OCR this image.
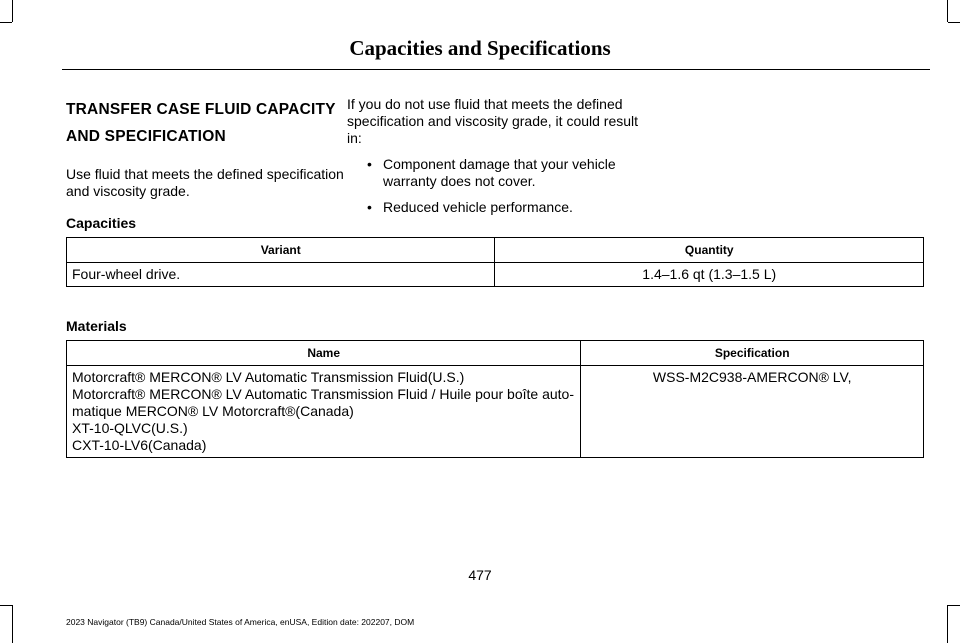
Capacities and Specifications
TRANSFER CASE FLUID CAPACITY
AND SPECIFICATION

Use fluid that meets the defined specification and viscosity grade.

If you do not use fluid that meets the defined specification and viscosity grade, it could result in:

• Component damage that your vehicle warranty does not cover.
• Reduced vehicle performance.
Capacities
Variant	Quantity
Four-wheel drive.	1.4–1.6 qt (1.3–1.5 L)
Materials
Name	Specification

Motorcraft® MERCON® LV Automatic Transmission Fluid(U.S.)
Motorcraft® MERCON® LV Automatic Transmission Fluid / Huile pour boîte auto-
matique MERCON® LV Motorcraft®(Canada)
XT-10-QLVC(U.S.)
CXT-10-LV6(Canada)	WSS-M2C938-AMERCON® LV,
477
2023 Navigator (TB9) Canada/United States of America, enUSA, Edition date: 202207, DOM
